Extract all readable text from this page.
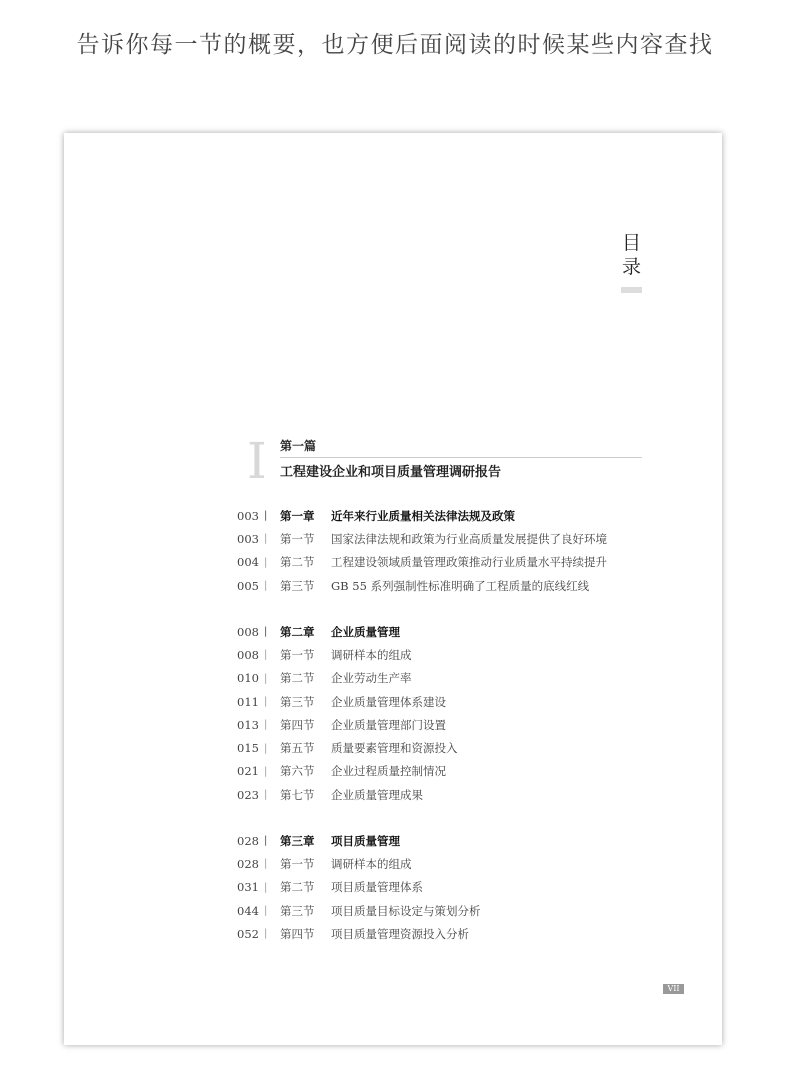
告诉你每一节的概要，也方便后面阅读的时候某些内容查找
目录
I 第一篇
工程建设企业和项目质量管理调研报告
003 |	第一章	近年来行业质量相关法律法规及政策
003 |	第一节	国家法律法规和政策为行业高质量发展提供了良好环境
004 |	第二节	工程建设领域质量管理政策推动行业质量水平持续提升
005 |	第三节	GB 55 系列强制性标准明确了工程质量的底线红线
008 |	第二章	企业质量管理
008 |	第一节	调研样本的组成
010 |	第二节	企业劳动生产率
011 |	第三节	企业质量管理体系建设
013 |	第四节	企业质量管理部门设置
015 |	第五节	质量要素管理和资源投入
021 |	第六节	企业过程质量控制情况
023 |	第七节	企业质量管理成果
028 |	第三章	项目质量管理
028 |	第一节	调研样本的组成
031 |	第二节	项目质量管理体系
044 |	第三节	项目质量目标设定与策划分析
052 |	第四节	项目质量管理资源投入分析
VII
